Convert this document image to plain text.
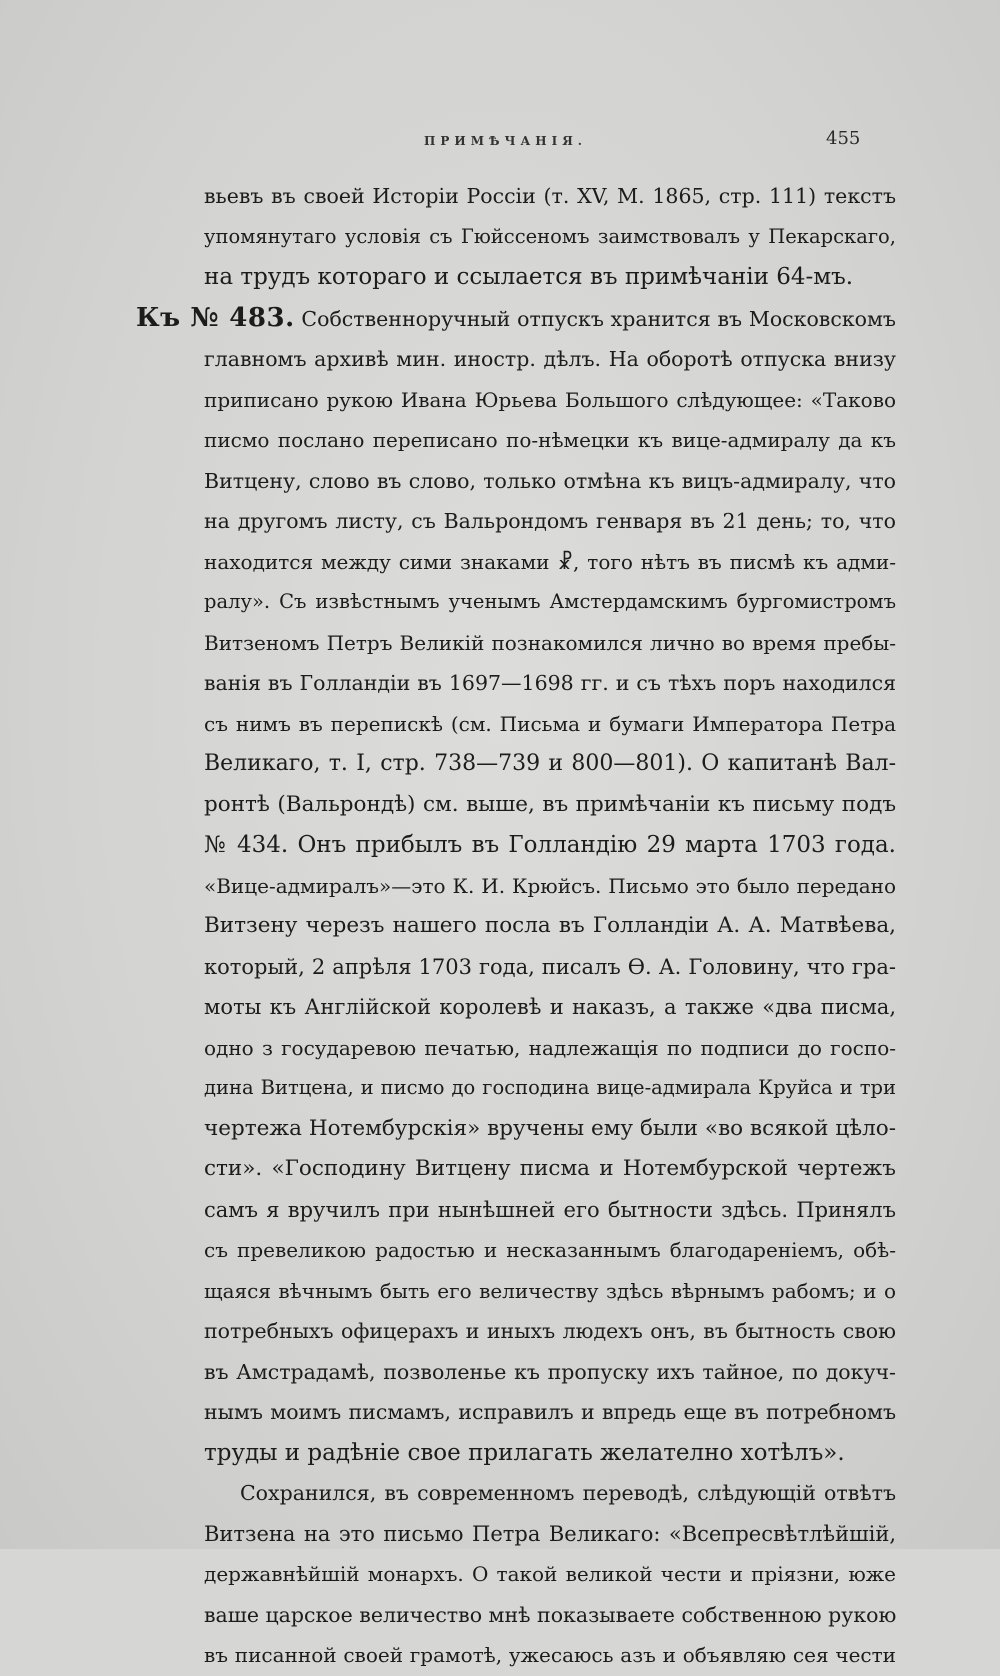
ПРИМѢЧАНІЯ.	455
вьевъ въ своей Исторіи Россіи (т. XV, М. 1865, стр. 111) текстъ
упомянутаго условія съ Гюйссеномъ заимствовалъ у Пекарскаго,
на трудъ котораго и ссылается въ примѣчаніи 64-мъ.
Къ № 483. Собственноручный отпускъ хранится въ Московскомъ
главномъ архивѣ мин. иностр. дѣлъ. На оборотѣ отпуска внизу
приписано рукою Ивана Юрьева Большого слѣдующее: «Таково
писмо послано переписано по-нѣмецки къ вице-адмиралу да къ
Витцену, слово въ слово, только отмѣна къ вицъ-адмиралу, что
на другомъ листу, съ Вальрондомъ генваря въ 21 день; то, что
находится между сими знаками ☧, того нѣтъ въ писмѣ къ адми-
ралу». Съ извѣстнымъ ученымъ Амстердамскимъ бургомистромъ
Витзеномъ Петръ Великій познакомился лично во время пребы-
ванія въ Голландіи въ 1697—1698 гг. и съ тѣхъ поръ находился
съ нимъ въ перепискѣ (см. Письма и бумаги Императора Петра
Великаго, т. I, стр. 738—739 и 800—801). О капитанѣ Вал-
ронтѣ (Вальрондѣ) см. выше, въ примѣчаніи къ письму подъ
№ 434. Онъ прибылъ въ Голландію 29 марта 1703 года.
«Вице-адмиралъ»—это К. И. Крюйсъ. Письмо это было передано
Витзену черезъ нашего посла въ Голландіи А. А. Матвѣева,
который, 2 апрѣля 1703 года, писалъ Ѳ. А. Головину, что гра-
моты къ Англійской королевѣ и наказъ, а также «два писма,
одно з государевою печатью, надлежащія по подписи до госпо-
дина Витцена, и писмо до господина вице-адмирала Круйса и три
чертежа Нотембурскія» вручены ему были «во всякой цѣло-
сти». «Господину Витцену писма и Нотембурской чертежъ
самъ я вручилъ при нынѣшней его бытности здѣсь. Принялъ
съ превеликою радостью и несказаннымъ благодареніемъ, обѣ-
щаяся вѣчнымъ быть его величеству здѣсь вѣрнымъ рабомъ; и о
потребныхъ офицерахъ и иныхъ людехъ онъ, въ бытность свою
въ Амстрадамѣ, позволенье къ пропуску ихъ тайное, по докуч-
нымъ моимъ писмамъ, исправилъ и впредь еще въ потребномъ
труды и радѣніе свое прилагать желателно хотѣлъ».
Сохранился, въ современномъ переводѣ, слѣдующій отвѣтъ
Витзена на это письмо Петра Великаго: «Всепресвѣтлѣйшій,
державнѣйшій монархъ. О такой великой чести и пріязни, юже
ваше царское величество мнѣ показываете собственною рукою
въ писанной своей грамотѣ, ужесаюсь азъ и объявляю сея чести
